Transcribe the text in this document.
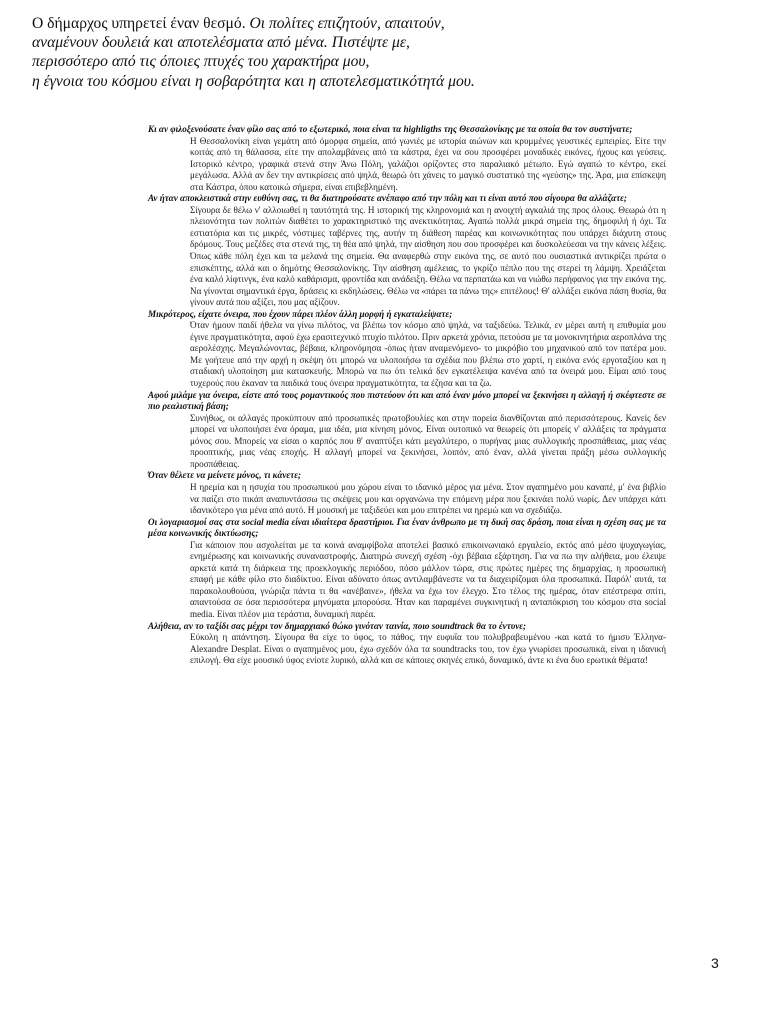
Ο δήμαρχος υπηρετεί έναν θεσμό. Οι πολίτες επιζητούν, απαιτούν,

αναμένουν δουλειά και αποτελέσματα από μένα. Πιστέψτε με,

περισσότερο από τις όποιες πτυχές του χαρακτήρα μου,

η έγνοια του κόσμου είναι η σοβαρότητα και η αποτελεσματικότητά μου.

Κι αν φιλοξενούσατε έναν φίλο σας από το εξωτερικό, ποια είναι τα highligths της Θεσσαλονίκης με τα οποία θα τον συστήνατε;

Η Θεσσαλονίκη είναι γεμάτη από όμορφα σημεία, από γωνιές με ιστορία αιώνων και κρυμμένες γευστικές εμπειρίες. Είτε την κοιτάς από τη θάλασσα, είτε την απολαμβάνεις από τα κάστρα, έχει να σου προσφέρει μοναδικές εικόνες, ήχους και γεύσεις. Ιστορικό κέντρο, γραφικά στενά στην Άνω Πόλη, γαλάζιοι ορίζοντες στο παραλιακό μέτωπο. Εγώ αγαπώ το κέντρο, εκεί μεγάλωσα. Αλλά αν δεν την αντικρίσεις από ψηλά, θεωρώ ότι χάνεις το μαγικό συστατικό της «γεύσης» της. Άρα, μια επίσκεψη στα Κάστρα, όπου κατοικώ σήμερα, είναι επιβεβλημένη.

Αν ήταν αποκλειστικά στην ευθύνη σας, τι θα διατηρούσατε ανέπαφο από την πόλη και τι είναι αυτό που σίγουρα θα αλλάζατε;

Σίγουρα δε θέλω ν' αλλοιωθεί η ταυτότητά της. Η ιστορική της κληρονομιά και η ανοιχτή αγκαλιά της προς όλους. Θεωρώ ότι η πλειονότητα των πολιτών διαθέτει το χαρακτηριστικό της ανεκτικότητας. Αγαπώ πολλά μικρά σημεία της, δημοφιλή ή όχι. Τα εστιατόρια και τις μικρές, νόστιμες ταβέρνες της, αυτήν τη διάθεση παρέας και κοινωνικότητας που υπάρχει διάχυτη στους δρόμους. Τους μεζέδες στα στενά της, τη θέα από ψηλά, την αίσθηση που σου προσφέρει και δυσκολεύεσαι να την κάνεις λέξεις. Όπως κάθε πόλη έχει και τα μελανά της σημεία. Θα αναφερθώ στην εικόνα της, σε αυτό που ουσιαστικά αντικρίζει πρώτα ο επισκέπτης, αλλά και ο δημότης Θεσσαλονίκης. Την αίσθηση αμέλειας, το γκρίζο πέπλο που της στερεί τη λάμψη. Χρειάζεται ένα καλό λίφτινγκ, ένα καλό καθάρισμα, φροντίδα και ανάδειξη. Θέλω να περπατάω και να νιώθω περήφανος για την εικόνα της. Να γίνονται σημαντικά έργα, δράσεις κι εκδηλώσεις. Θέλω να «πάρει τα πάνω της» επιτέλους! Θ' αλλάξει εικόνα πάση θυσία, θα γίνουν αυτά που αξίζει, που μας αξίζουν.

Μικρότερος, είχατε όνειρα, που έχουν πάρει πλέον άλλη μορφή ή εγκαταλείψατε;

Όταν ήμουν παιδί ήθελα να γίνω πιλότος, να βλέπω τον κόσμο από ψηλά, να ταξιδεύω. Τελικά, εν μέρει αυτή η επιθυμία μου έγινε πραγματικότητα, αφού έχω ερασιτεχνικό πτυχίο πιλότου. Πριν αρκετά χρόνια, πετούσα με τα μονοκινητήρια αεροπλάνα της αερολέσχης. Μεγαλώνοντας, βέβαια, κληρονόμησα -όπως ήταν αναμενόμενο- το μικρόβιο του μηχανικού από τον πατέρα μου. Με γοήτευε από την αρχή η σκέψη ότι μπορώ να υλοποιήσω τα σχέδια που βλέπω στο χαρτί, η εικόνα ενός εργοταξίου και η σταδιακή υλοποίηση μια κατασκευής. Μπορώ να πω ότι τελικά δεν εγκατέλειψα κανένα από τα όνειρά μου. Είμαι από τους τυχερούς που έκαναν τα παιδικά τους όνειρα πραγματικότητα, τα έζησα και τα ζω.

Αφού μιλάμε για όνειρα, είστε από τους ρομαντικούς που πιστεύουν ότι και από έναν μόνο μπορεί να ξεκινήσει η αλλαγή ή σκέφτεστε σε πιο ρεαλιστική βάση;

Συνήθως, οι αλλαγές προκύπτουν από προσωπικές πρωτοβουλίες και στην πορεία διανθίζονται από περισσότερους. Κανείς δεν μπορεί να υλοποιήσει ένα όραμα, μια ιδέα, μια κίνηση μόνος. Είναι ουτοπικό να θεωρείς ότι μπορείς ν' αλλάξεις τα πράγματα μόνος σου. Μπορείς να είσαι ο καρπός που θ' αναπτύξει κάτι μεγαλύτερο, ο πυρήνας μιας συλλογικής προσπάθειας, μιας νέας προοπτικής, μιας νέας εποχής. Η αλλαγή μπορεί να ξεκινήσει, λοιπόν, από έναν, αλλά γίνεται πράξη μέσω συλλογικής προσπάθειας.

Όταν θέλετε να μείνετε μόνος, τι κάνετε;

Η ηρεμία και η ησυχία του προσωπικού μου χώρου είναι το ιδανικό μέρος για μένα. Στον αγαπημένο μου καναπέ, μ' ένα βιβλίο να παίζει στο πικάπ αναπυντάσσω τις σκέψεις μου και οργανώνω την επόμενη μέρα που ξεκινάει πολύ νωρίς. Δεν υπάρχει κάτι ιδανικότερο για μένα από αυτό. Η μουσική με ταξιδεύει και μου επιτρέπει να ηρεμώ και να σχεδιάζω.

Οι λογαριασμοί σας στα social media είναι ιδιαίτερα δραστήριοι. Για έναν άνθρωπο με τη δική σας δράση, ποια είναι η σχέση σας με τα μέσα κοινωνικής δικτύωσης;

Για κάποιον που ασχολείται με τα κοινά αναμφίβολα αποτελεί βασικό επικοινωνιακό εργαλείο, εκτός από μέσο ψυχαγωγίας, ενημέρωσης και κοινωνικής συναναστροφής. Διατηρώ συνεχή σχέση -όχι βέβαια εξάρτηση. Για να πω την αλήθεια, μου έλειψε αρκετά κατά τη διάρκεια της προεκλογικής περιόδου, πόσο μάλλον τώρα, στις πρώτες ημέρες της δημαρχίας, η προσωπική επαφή με κάθε φίλο στο διαδίκτυο. Είναι αδύνατο όπως αντιλαμβάνεστε να τα διαχειρίζομαι όλα προσωπικά. Παρόλ' αυτά, τα παρακολουθούσα, γνώριζα πάντα τι θα «ανέβαινε», ήθελα να έχω τον έλεγχο. Στο τέλος της ημέρας, όταν επέστρεφα σπίτι, απαντούσα σε όσα περισσότερα μηνύματα μπορούσα. Ήταν και παραμένει συγκινητική η ανταπόκριση του κόσμου στα social media. Είναι πλέον μια τεράστια, δυναμική παρέα.

Αλήθεια, αν το ταξίδι σας μέχρι τον δημαρχιακό θώκο γινόταν ταινία, ποιο soundtrack θα το έντυνε;

Εύκολη η απάντηση. Σίγουρα θα είχε το ύφος, το πάθος, την ευφυΐα του πολυβραβευμένου -και κατά το ήμισυ Έλληνα- Alexandre Desplat. Είναι ο αγαπημένος μου, έχω σχεδόν όλα τα soundtracks του, τον έχω γνωρίσει προσωπικά, είναι η ιδανική επιλογή. Θα είχε μουσικό ύφος ενίοτε λυρικό, αλλά και σε κάποιες σκηνές επικό, δυναμικό, άντε κι ένα δυο ερωτικά θέματα!

3
